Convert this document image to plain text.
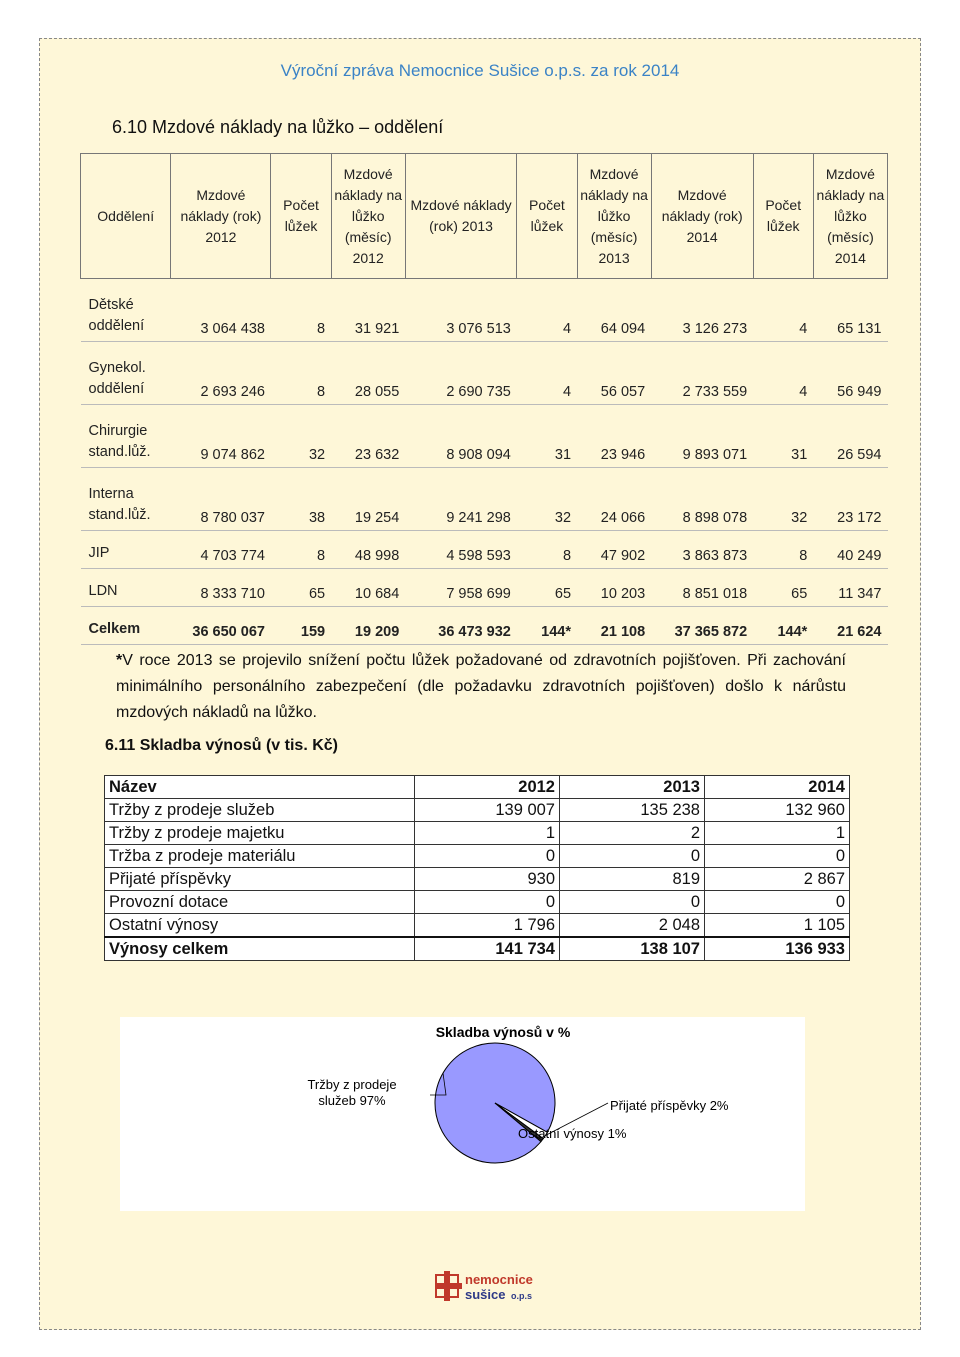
Výroční zpráva Nemocnice Sušice o.p.s. za rok 2014
6.10 Mzdové náklady na lůžko – oddělení
Oddělení	Mzdové náklady (rok) 2012	Počet lůžek	Mzdové náklady na lůžko (měsíc) 2012	Mzdové náklady (rok) 2013	Počet lůžek	Mzdové náklady na lůžko (měsíc) 2013	Mzdové náklady (rok) 2014	Počet lůžek	Mzdové náklady na lůžko (měsíc) 2014
Dětské oddělení	3 064 438	8	31 921	3 076 513	4	64 094	3 126 273	4	65 131
Gynekol. oddělení	2 693 246	8	28 055	2 690 735	4	56 057	2 733 559	4	56 949
Chirurgie stand.lůž.	9 074 862	32	23 632	8 908 094	31	23 946	9 893 071	31	26 594
Interna stand.lůž.	8 780 037	38	19 254	9 241 298	32	24 066	8 898 078	32	23 172
JIP	4 703 774	8	48 998	4 598 593	8	47 902	3 863 873	8	40 249
LDN	8 333 710	65	10 684	7 958 699	65	10 203	8 851 018	65	11 347
Celkem	36 650 067	159	19 209	36 473 932	144*	21 108	37 365 872	144*	21 624
*V roce 2013 se projevilo snížení počtu lůžek požadované od zdravotních pojišťoven. Při zachování minimálního personálního zabezpečení (dle požadavku zdravotních pojišťoven) došlo k nárůstu mzdových nákladů na lůžko.
6.11 Skladba výnosů (v tis. Kč)
Název	2012	2013	2014
Tržby z prodeje služeb	139 007	135 238	132 960
Tržby z prodeje majetku	1	2	1
Tržba z prodeje materiálu	0	0	0
Přijaté příspěvky	930	819	2 867
Provozní dotace	0	0	0
Ostatní výnosy	1 796	2 048	1 105
Výnosy celkem	141 734	138 107	136 933
Skladba výnosů v %
Tržby z prodeje služeb 97%	Přijaté příspěvky 2%
Ostatní výnosy 1%
nemocnice
sušice o.p.s
